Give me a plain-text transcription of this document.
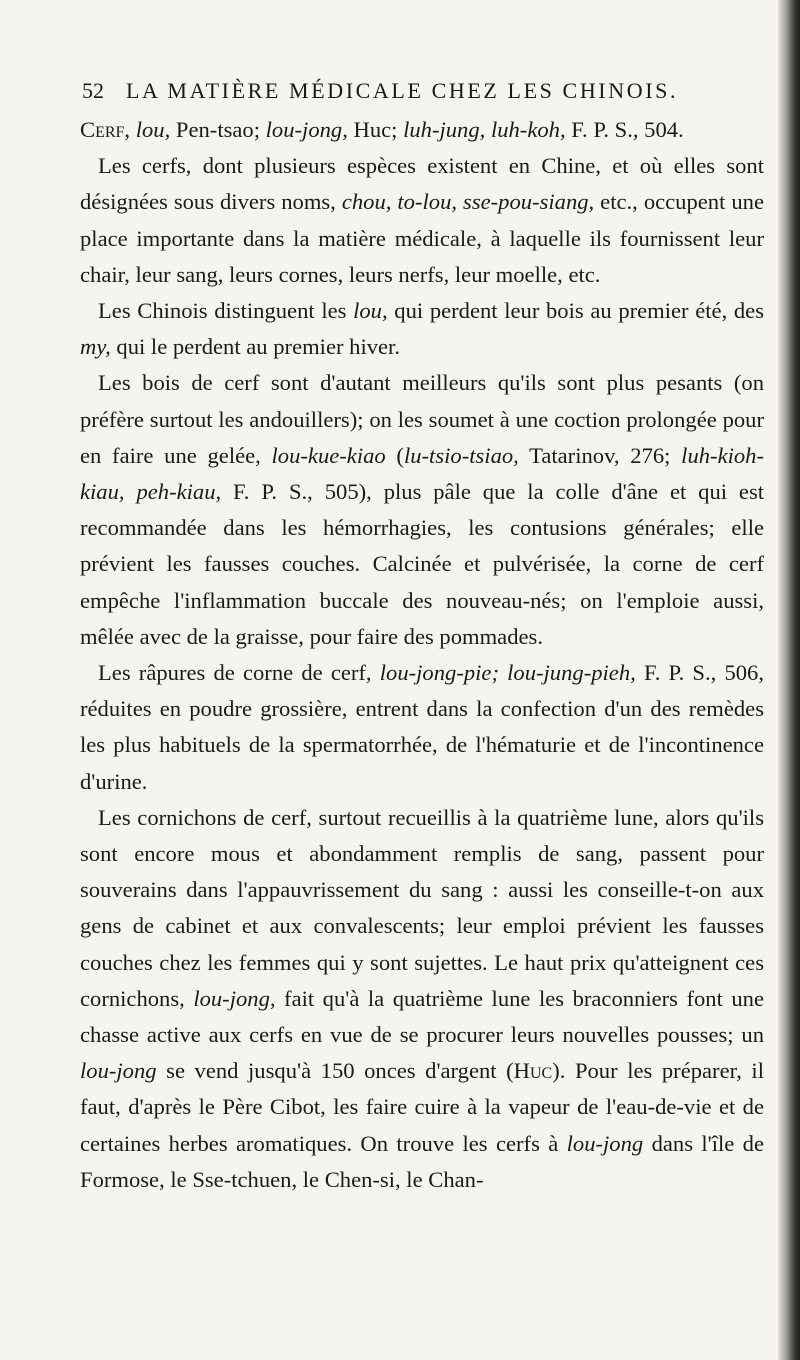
52 LA MATIÈRE MÉDICALE CHEZ LES CHINOIS.

Cerf, lou, Pen-tsao; lou-jong, Huc; luh-jung, luh-koh, F. P. S., 504.

Les cerfs, dont plusieurs espèces existent en Chine, et où elles sont désignées sous divers noms, chou, to-lou, sse-pou-siang, etc., occupent une place importante dans la matière médicale, à laquelle ils fournissent leur chair, leur sang, leurs cornes, leurs nerfs, leur moelle, etc.

Les Chinois distinguent les lou, qui perdent leur bois au premier été, des my, qui le perdent au premier hiver.

Les bois de cerf sont d'autant meilleurs qu'ils sont plus pesants (on préfère surtout les andouillers); on les soumet à une coction prolongée pour en faire une gelée, lou-kue-kiao (lu-tsio-tsiao, Tatarinov, 276; luh-kioh-kiau, peh-kiau, F. P. S., 505), plus pâle que la colle d'âne et qui est recommandée dans les hémorrhagies, les contusions générales; elle prévient les fausses couches. Calcinée et pulvérisée, la corne de cerf empêche l'inflammation buccale des nouveau-nés; on l'emploie aussi, mêlée avec de la graisse, pour faire des pommades.

Les râpures de corne de cerf, lou-jong-pie; lou-jung-pieh, F. P. S., 506, réduites en poudre grossière, entrent dans la confection d'un des remèdes les plus habituels de la spermatorrhée, de l'hématurie et de l'incontinence d'urine.

Les cornichons de cerf, surtout recueillis à la quatrième lune, alors qu'ils sont encore mous et abondamment remplis de sang, passent pour souverains dans l'appauvrissement du sang : aussi les conseille-t-on aux gens de cabinet et aux convalescents; leur emploi prévient les fausses couches chez les femmes qui y sont sujettes. Le haut prix qu'atteignent ces cornichons, lou-jong, fait qu'à la quatrième lune les braconniers font une chasse active aux cerfs en vue de se procurer leurs nouvelles pousses; un lou-jong se vend jusqu'à 150 onces d'argent (Huc). Pour les préparer, il faut, d'après le Père Cibot, les faire cuire à la vapeur de l'eau-de-vie et de certaines herbes aromatiques. On trouve les cerfs à lou-jong dans l'île de Formose, le Sse-tchuen, le Chen-si, le Chan-
